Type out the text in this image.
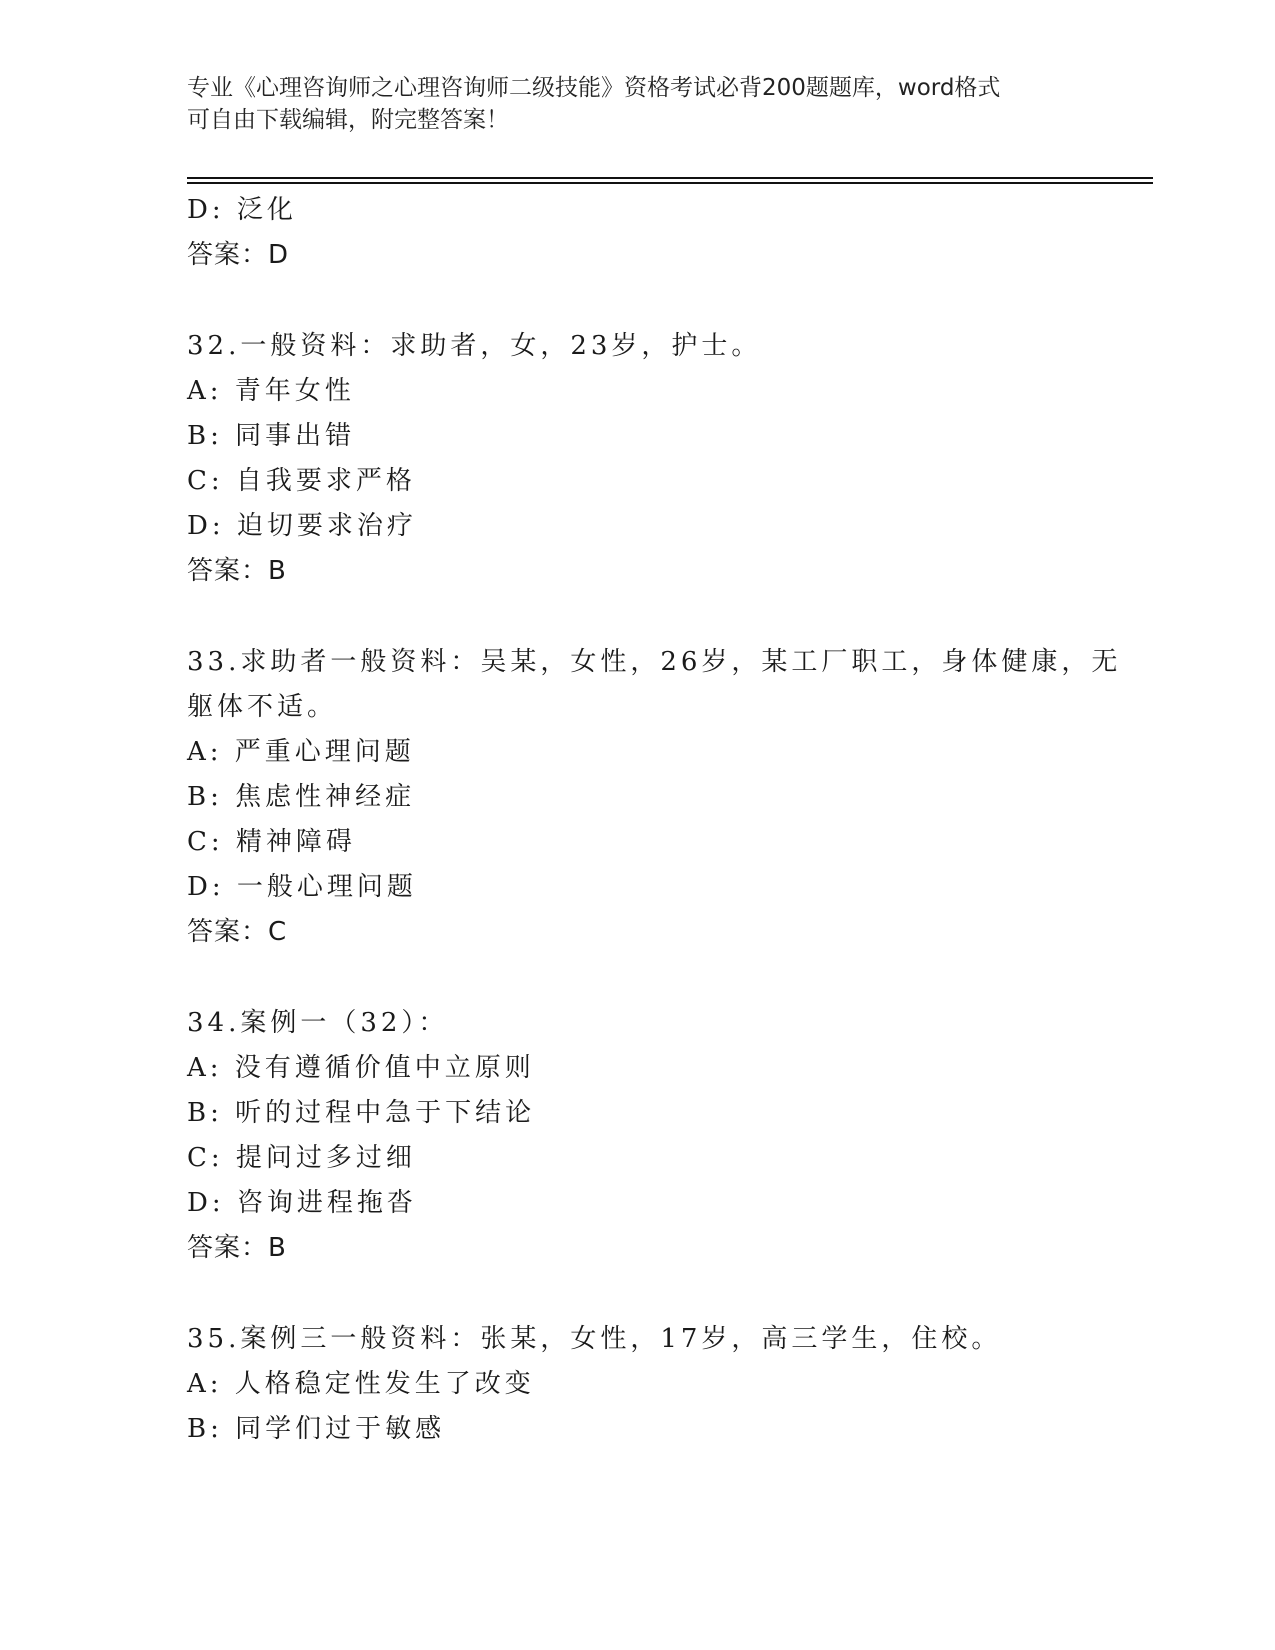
专业《心理咨询师之心理咨询师二级技能》资格考试必背200题题库，word格式
可自由下载编辑，附完整答案！
D: 泛化
答案：D
32.一般资料：求助者，女，23岁，护士。
A: 青年女性
B: 同事出错
C: 自我要求严格
D: 迫切要求治疗
答案：B
33.求助者一般资料：吴某，女性，26岁，某工厂职工，身体健康，无
躯体不适。
A: 严重心理问题
B: 焦虑性神经症
C: 精神障碍
D: 一般心理问题
答案：C
34.案例一（32）：
A: 没有遵循价值中立原则
B: 听的过程中急于下结论
C: 提问过多过细
D: 咨询进程拖沓
答案：B
35.案例三一般资料：张某，女性，17岁，高三学生，住校。
A: 人格稳定性发生了改变
B: 同学们过于敏感
